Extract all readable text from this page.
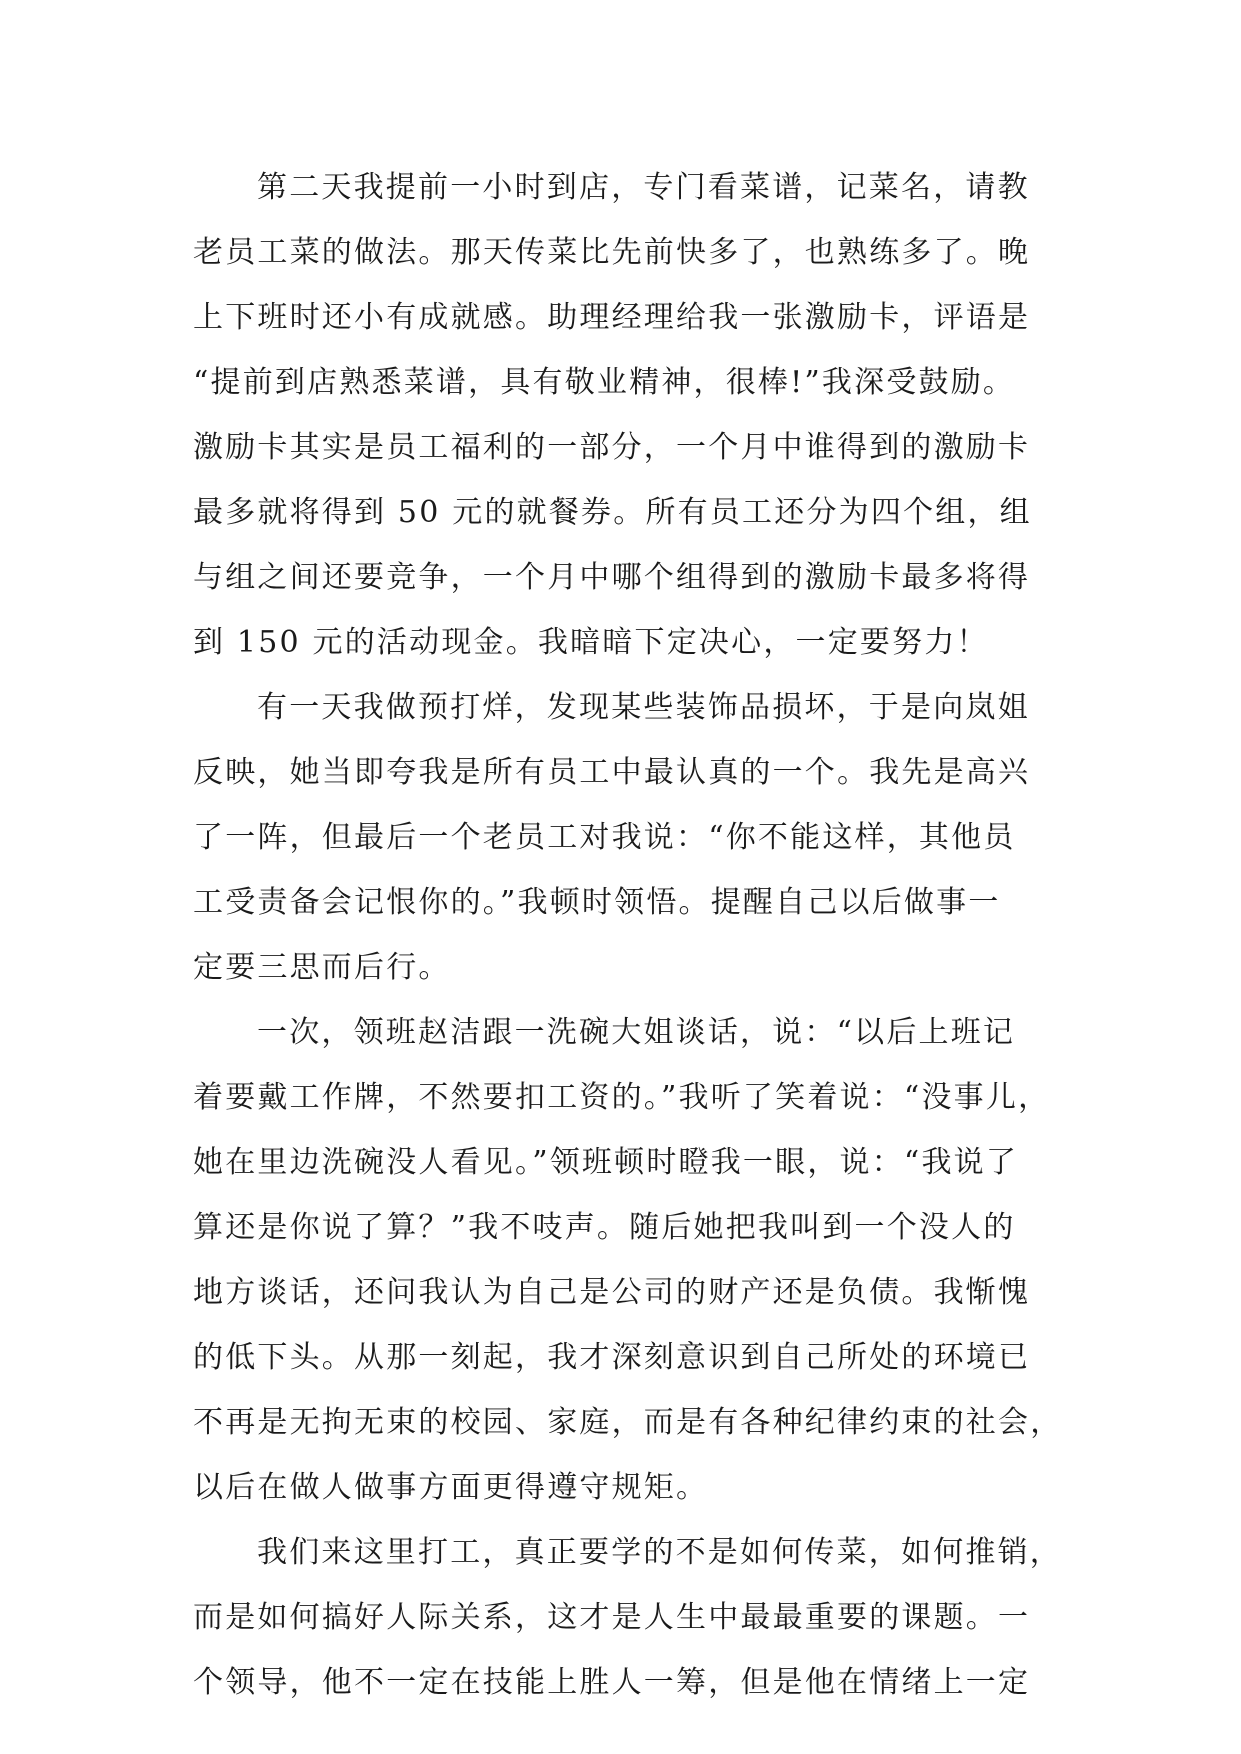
第二天我提前一小时到店，专门看菜谱，记菜名，请教
老员工菜的做法。那天传菜比先前快多了，也熟练多了。晚
上下班时还小有成就感。助理经理给我一张激励卡，评语是
“提前到店熟悉菜谱，具有敬业精神，很棒!”我深受鼓励。
激励卡其实是员工福利的一部分，一个月中谁得到的激励卡
最多就将得到 50 元的就餐券。所有员工还分为四个组，组
与组之间还要竞争，一个月中哪个组得到的激励卡最多将得
到 150 元的活动现金。我暗暗下定决心，一定要努力！
有一天我做预打烊，发现某些装饰品损坏，于是向岚姐
反映，她当即夸我是所有员工中最认真的一个。我先是高兴
了一阵，但最后一个老员工对我说：“你不能这样，其他员
工受责备会记恨你的。”我顿时领悟。提醒自己以后做事一
定要三思而后行。
一次，领班赵洁跟一洗碗大姐谈话，说：“以后上班记
着要戴工作牌，不然要扣工资的。”我听了笑着说：“没事儿，
她在里边洗碗没人看见。”领班顿时瞪我一眼，说：“我说了
算还是你说了算？”我不吱声。随后她把我叫到一个没人的
地方谈话，还问我认为自己是公司的财产还是负债。我惭愧
的低下头。从那一刻起，我才深刻意识到自己所处的环境已
不再是无拘无束的校园、家庭，而是有各种纪律约束的社会，
以后在做人做事方面更得遵守规矩。
我们来这里打工，真正要学的不是如何传菜，如何推销，
而是如何搞好人际关系，这才是人生中最最重要的课题。一
个领导，他不一定在技能上胜人一筹，但是他在情绪上一定
